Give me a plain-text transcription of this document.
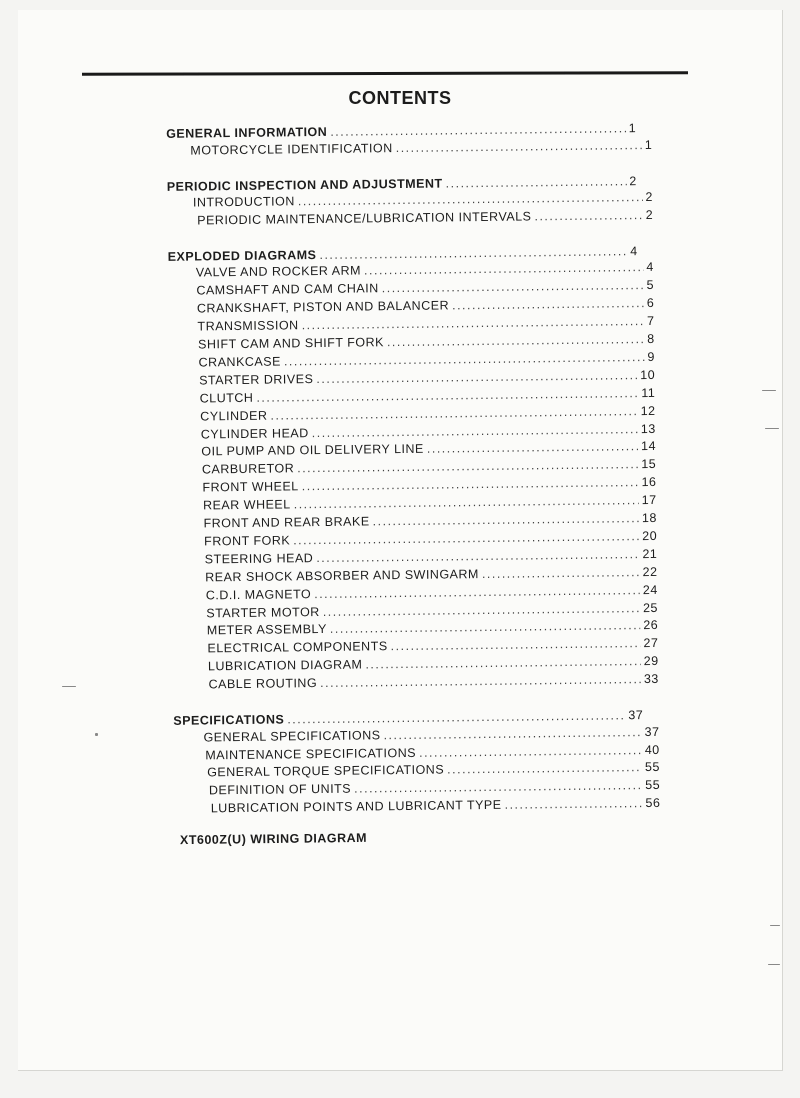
CONTENTS
GENERAL INFORMATION .....	1
MOTORCYCLE IDENTIFICATION .....	1
PERIODIC INSPECTION AND ADJUSTMENT .....	2
INTRODUCTION .....	2
PERIODIC MAINTENANCE/LUBRICATION INTERVALS .....	2
EXPLODED DIAGRAMS .....	4
VALVE AND ROCKER ARM .....	4
CAMSHAFT AND CAM CHAIN .....	5
CRANKSHAFT, PISTON AND BALANCER .....	6
TRANSMISSION .....	7
SHIFT CAM AND SHIFT FORK .....	8
CRANKCASE .....	9
STARTER DRIVES .....	10
CLUTCH .....	11
CYLINDER .....	12
CYLINDER HEAD .....	13
OIL PUMP AND OIL DELIVERY LINE .....	14
CARBURETOR .....	15
FRONT WHEEL .....	16
REAR WHEEL .....	17
FRONT AND REAR BRAKE .....	18
FRONT FORK .....	20
STEERING HEAD .....	21
REAR SHOCK ABSORBER AND SWINGARM .....	22
C.D.I. MAGNETO .....	24
STARTER MOTOR .....	25
METER ASSEMBLY .....	26
ELECTRICAL COMPONENTS .....	27
LUBRICATION DIAGRAM .....	29
CABLE ROUTING .....	33
SPECIFICATIONS .....	37
GENERAL SPECIFICATIONS .....	37
MAINTENANCE SPECIFICATIONS .....	40
GENERAL TORQUE SPECIFICATIONS .....	55
DEFINITION OF UNITS .....	55
LUBRICATION POINTS AND LUBRICANT TYPE .....	56
XT600Z(U) WIRING DIAGRAM
